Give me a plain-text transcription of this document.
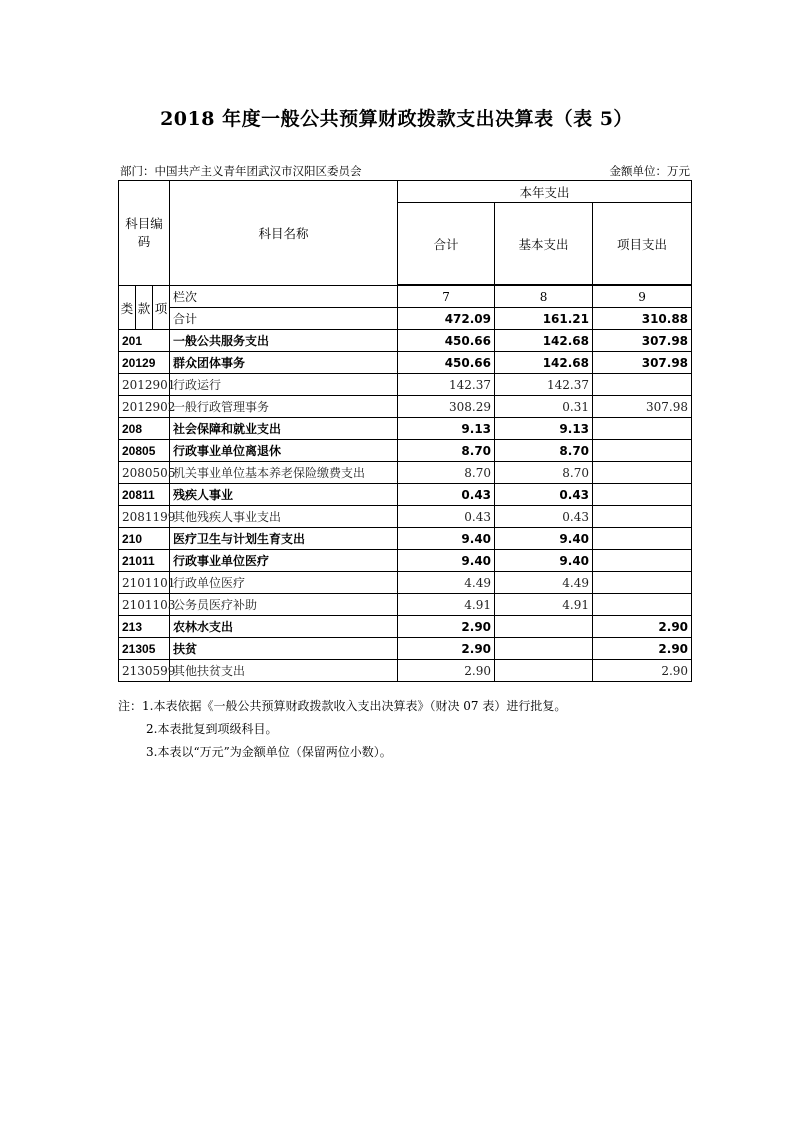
2018 年度一般公共预算财政拨款支出决算表（表 5）
部门：中国共产主义青年团武汉市汉阳区委员会	金额单位：万元
科目编码			科目名称	本年支出		
				合计	基本支出	项目支出

类	款	项	栏次	7	8	9
			合计	472.09	161.21	310.88
201			一般公共服务支出	450.66	142.68	307.98
20129			群众团体事务	450.66	142.68	307.98
2012901			行政运行	142.37	142.37	
2012902			一般行政管理事务	308.29	0.31	307.98
208			社会保障和就业支出	9.13	9.13	
20805			行政事业单位离退休	8.70	8.70	
2080505			机关事业单位基本养老保险缴费支出	8.70	8.70	
20811			残疾人事业	0.43	0.43	
2081199			其他残疾人事业支出	0.43	0.43	
210			医疗卫生与计划生育支出	9.40	9.40	
21011			行政事业单位医疗	9.40	9.40	
2101101			行政单位医疗	4.49	4.49	
2101103			公务员医疗补助	4.91	4.91	
213			农林水支出	2.90		2.90
21305			扶贫	2.90		2.90
2130599			其他扶贫支出	2.90		2.90
注：1.本表依据《一般公共预算财政拨款收入支出决算表》（财决 07 表）进行批复。
2.本表批复到项级科目。
3.本表以“万元”为金额单位（保留两位小数）。
